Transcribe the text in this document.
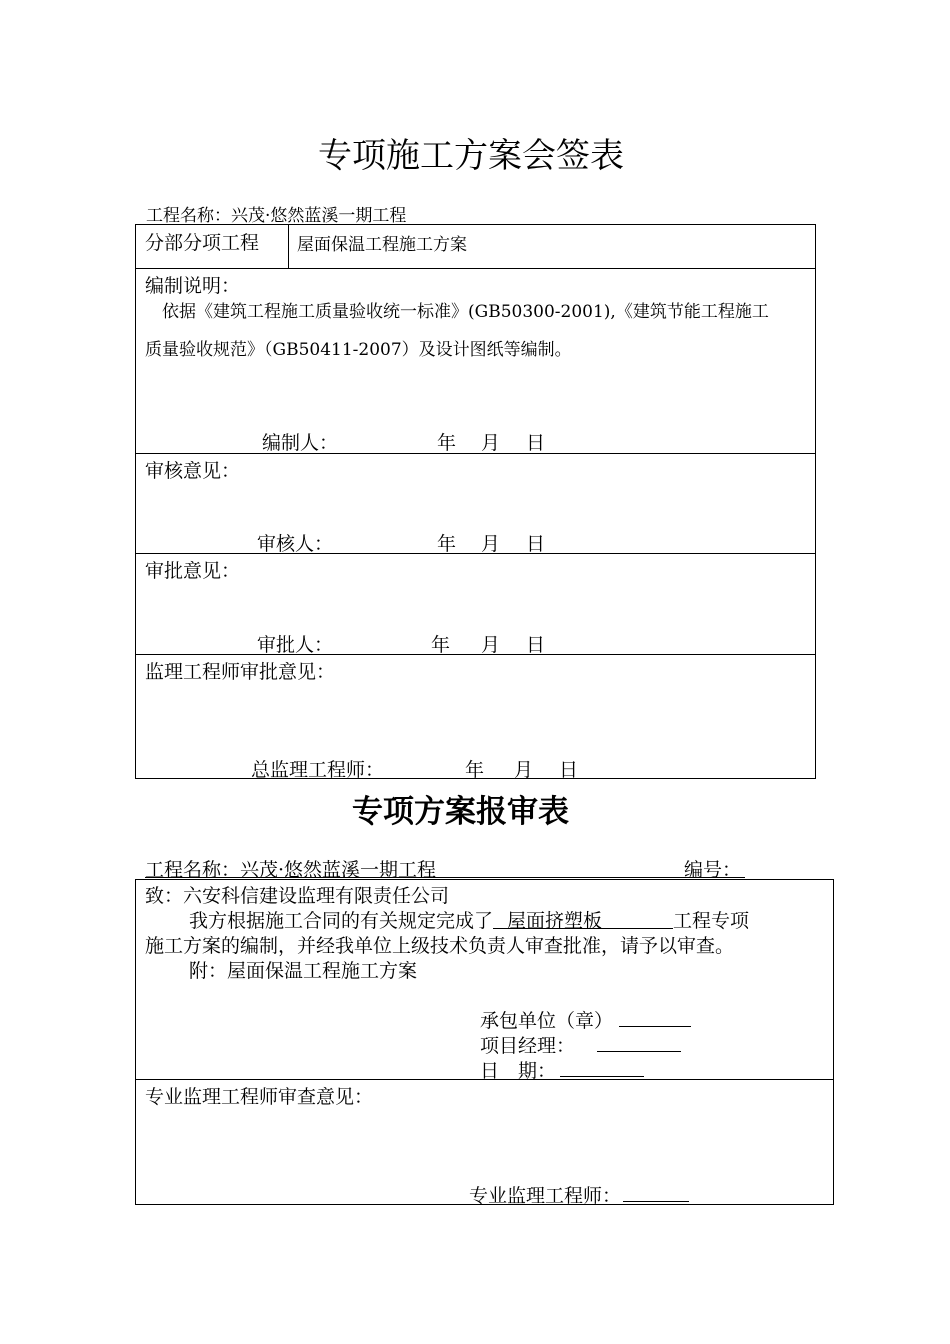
专项施工方案会签表
工程名称：兴茂·悠然蓝溪一期工程
分部分项工程 屋面保温工程施工方案
编制说明：
依据《建筑工程施工质量验收统一标准》(GB50300-2001),《建筑节能工程施工
质量验收规范》（GB50411-2007）及设计图纸等编制。
编制人：	年 月 日
审核意见：
审核人：	年 月 日
审批意见：
审批人：	年 月 日
监理工程师审批意见：
总监理工程师：	年 月 日
专项方案报审表
工程名称：兴茂·悠然蓝溪一期工程	编号：
致：六安科信建设监理有限责任公司
我方根据施工合同的有关规定完成了 屋面挤塑板	工程专项
施工方案的编制，并经我单位上级技术负责人审查批准，请予以审查。
附：屋面保温工程施工方案
承包单位（章）
项目经理：
日　期：
专业监理工程师审查意见：
专业监理工程师：
